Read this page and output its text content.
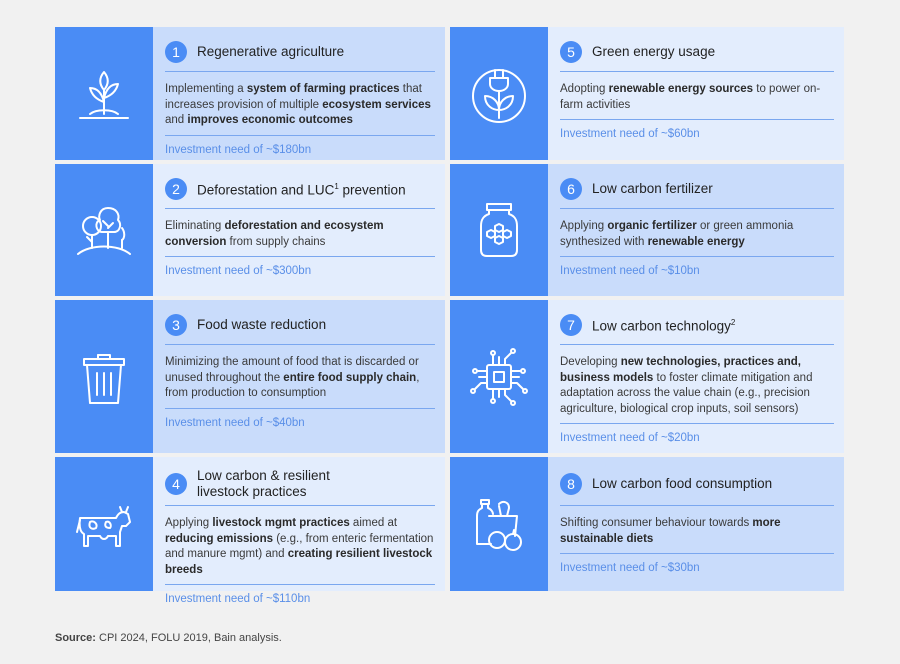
1	Regenerative agriculture
Implementing a system of farming practices that increases provision of multiple ecosystem services and improves economic outcomes
Investment need of ~$180bn
2	Deforestation and LUC$^1$ prevention
Eliminating deforestation and ecosystem conversion from supply chains
Investment need of ~$300bn
3	Food waste reduction
Minimizing the amount of food that is discarded or unused throughout the entire food supply chain, from production to consumption
Investment need of ~$40bn
4
Low carbon & resilient livestock practices
Applying livestock mgmt practices aimed at reducing emissions (e.g., from enteric fermentation and manure mgmt) and creating resilient livestock breeds
Investment need of ~$110bn
5	Green energy usage
Adopting renewable energy sources to power on-farm activities
Investment need of ~$60bn
6	Low carbon fertilizer
Applying organic fertilizer or green ammonia synthesized with renewable energy
Investment need of ~$10bn
7	Low carbon technology$^2$
Developing new technologies, practices and, business models to foster climate mitigation and adaptation across the value chain (e.g., precision agriculture, biological crop inputs, soil sensors)
Investment need of ~$20bn
8	Low carbon food consumption
Shifting consumer behaviour towards more sustainable diets
Investment need of ~$30bn
Source: CPI 2024, FOLU 2019, Bain analysis.
